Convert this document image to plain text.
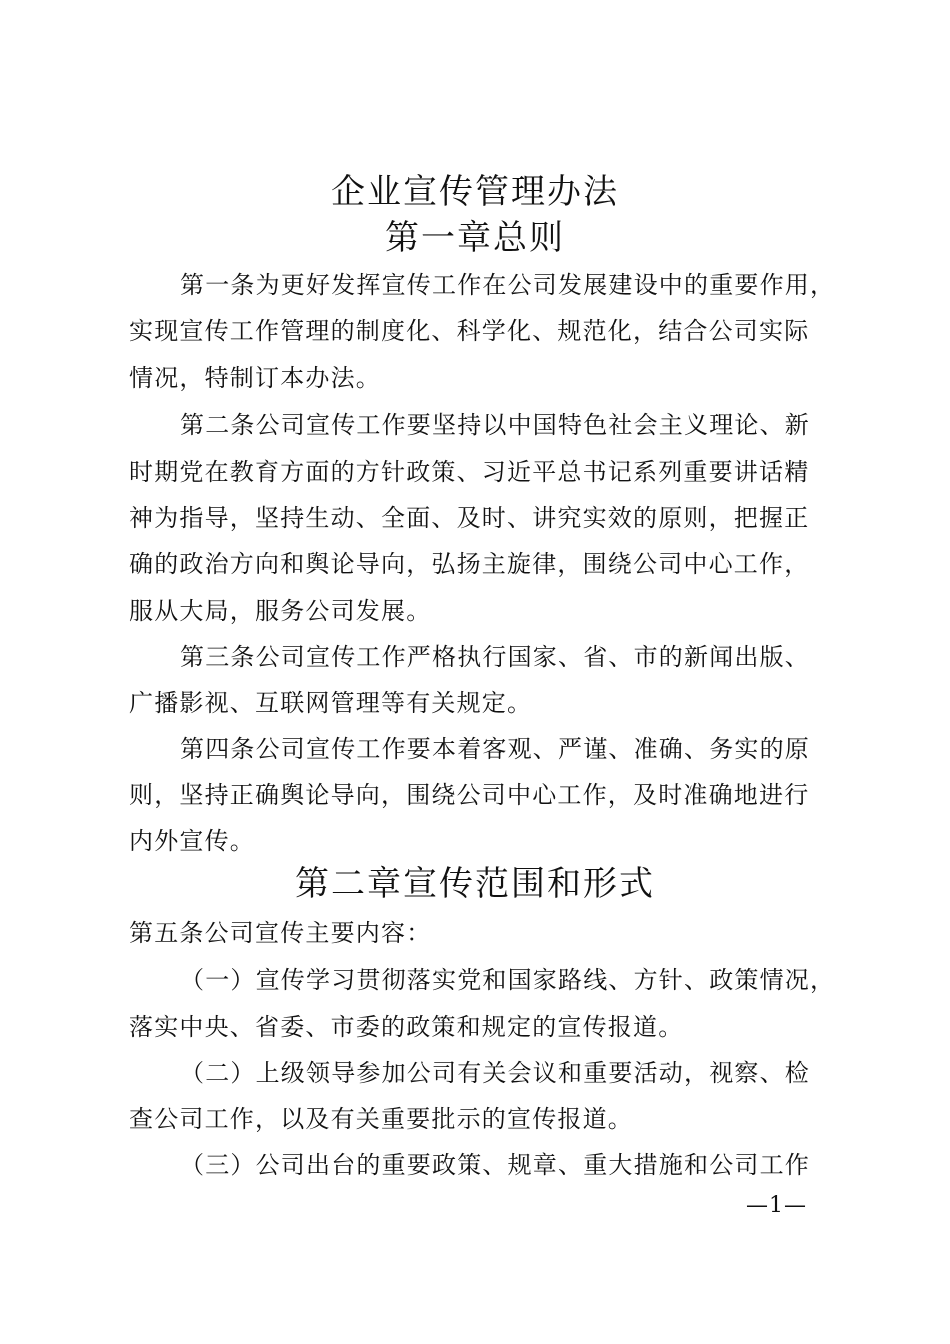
企业宣传管理办法
第一章总则

第一条为更好发挥宣传工作在公司发展建设中的重要作用，

实现宣传工作管理的制度化、科学化、规范化，结合公司实际

情况，特制订本办法。

第二条公司宣传工作要坚持以中国特色社会主义理论、新

时期党在教育方面的方针政策、习近平总书记系列重要讲话精

神为指导，坚持生动、全面、及时、讲究实效的原则，把握正

确的政治方向和舆论导向，弘扬主旋律，围绕公司中心工作，

服从大局，服务公司发展。

第三条公司宣传工作严格执行国家、省、市的新闻出版、

广播影视、互联网管理等有关规定。

第四条公司宣传工作要本着客观、严谨、准确、务实的原

则，坚持正确舆论导向，围绕公司中心工作，及时准确地进行

内外宣传。

第二章宣传范围和形式

第五条公司宣传主要内容：

（一）宣传学习贯彻落实党和国家路线、方针、政策情况，

落实中央、省委、市委的政策和规定的宣传报道。

（二）上级领导参加公司有关会议和重要活动，视察、检

查公司工作，以及有关重要批示的宣传报道。

（三）公司出台的重要政策、规章、重大措施和公司工作

—1—
